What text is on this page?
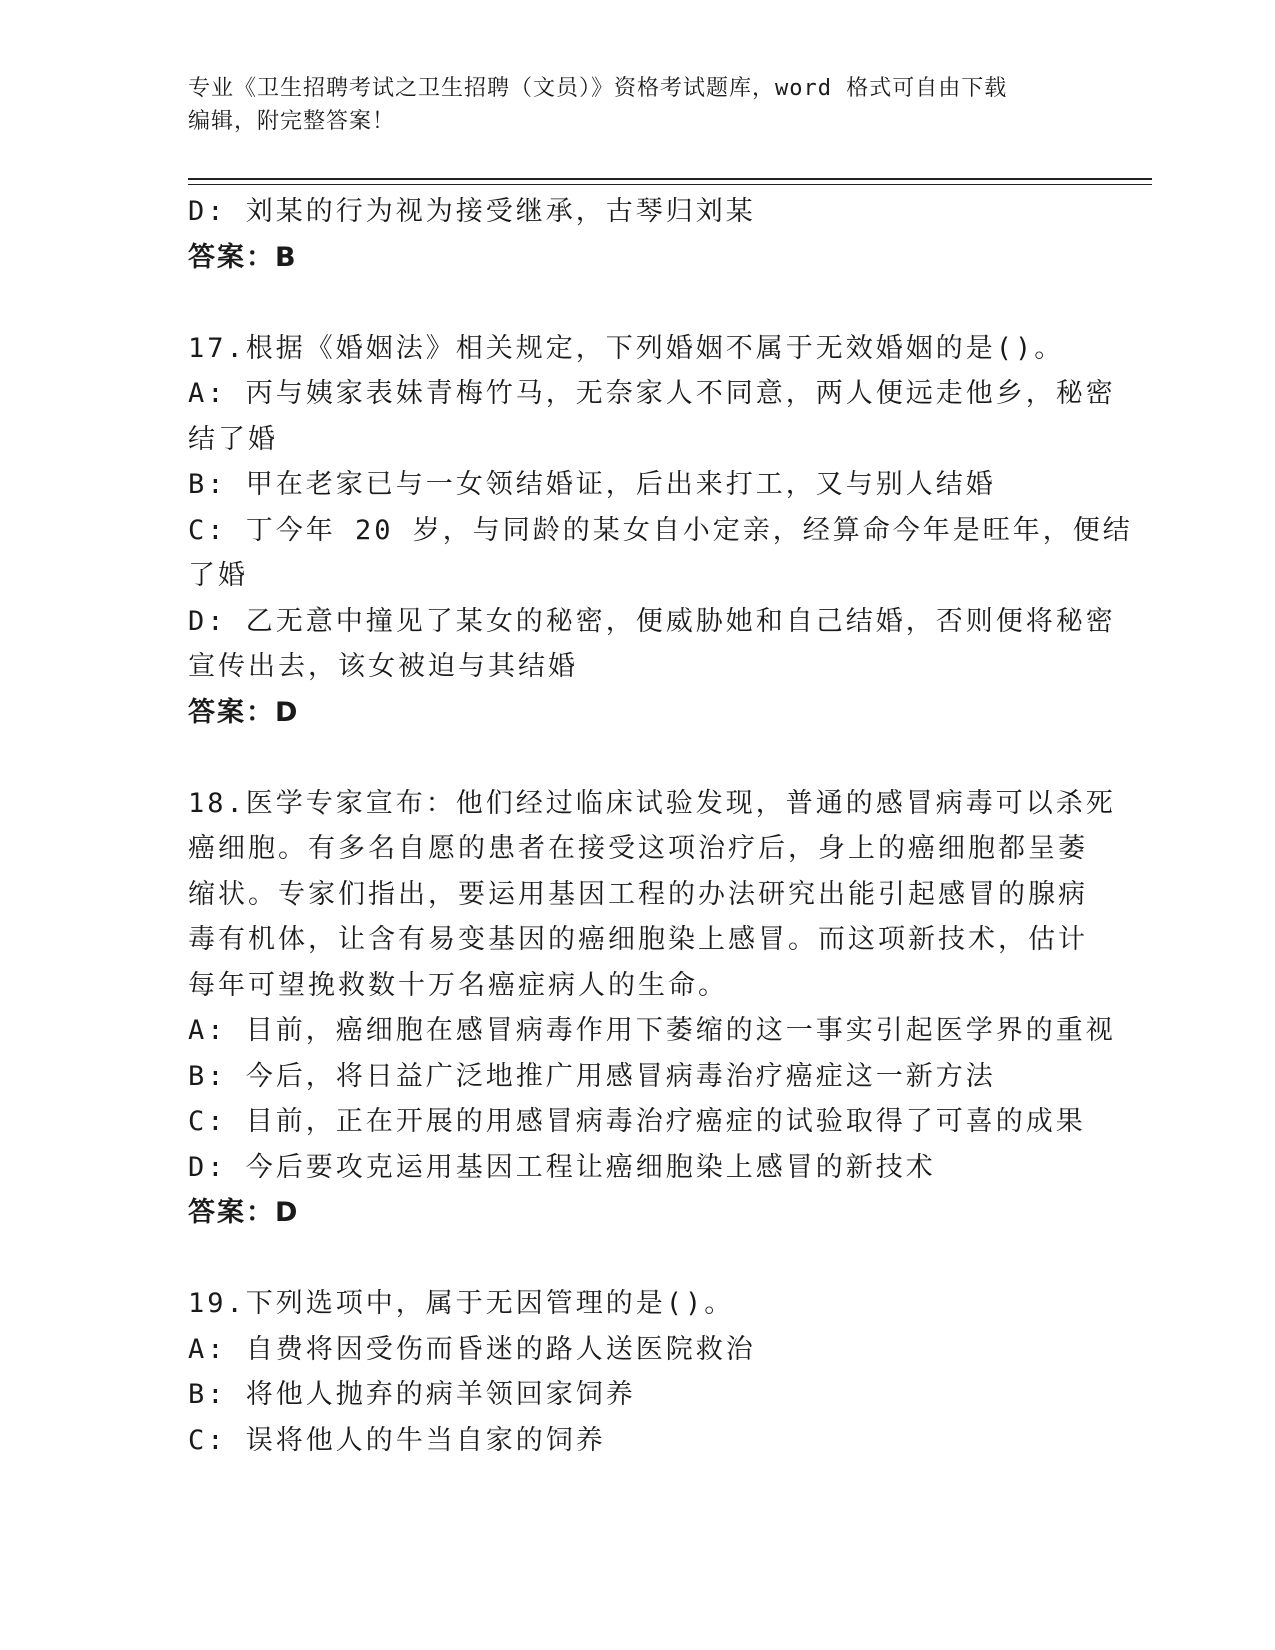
专业《卫生招聘考试之卫生招聘（文员）》资格考试题库，word 格式可自由下载
编辑，附完整答案！
D: 刘某的行为视为接受继承，古琴归刘某
答案：B
17.根据《婚姻法》相关规定，下列婚姻不属于无效婚姻的是()。
A: 丙与姨家表妹青梅竹马，无奈家人不同意，两人便远走他乡，秘密
结了婚
B: 甲在老家已与一女领结婚证，后出来打工，又与别人结婚
C: 丁今年 20 岁，与同龄的某女自小定亲，经算命今年是旺年，便结
了婚
D: 乙无意中撞见了某女的秘密，便威胁她和自己结婚，否则便将秘密
宣传出去，该女被迫与其结婚
答案：D
18.医学专家宣布：他们经过临床试验发现，普通的感冒病毒可以杀死
癌细胞。有多名自愿的患者在接受这项治疗后，身上的癌细胞都呈萎
缩状。专家们指出，要运用基因工程的办法研究出能引起感冒的腺病
毒有机体，让含有易变基因的癌细胞染上感冒。而这项新技术，估计
每年可望挽救数十万名癌症病人的生命。
A: 目前，癌细胞在感冒病毒作用下萎缩的这一事实引起医学界的重视
B: 今后，将日益广泛地推广用感冒病毒治疗癌症这一新方法
C: 目前，正在开展的用感冒病毒治疗癌症的试验取得了可喜的成果
D: 今后要攻克运用基因工程让癌细胞染上感冒的新技术
答案：D
19.下列选项中，属于无因管理的是()。
A: 自费将因受伤而昏迷的路人送医院救治
B: 将他人抛弃的病羊领回家饲养
C: 误将他人的牛当自家的饲养
